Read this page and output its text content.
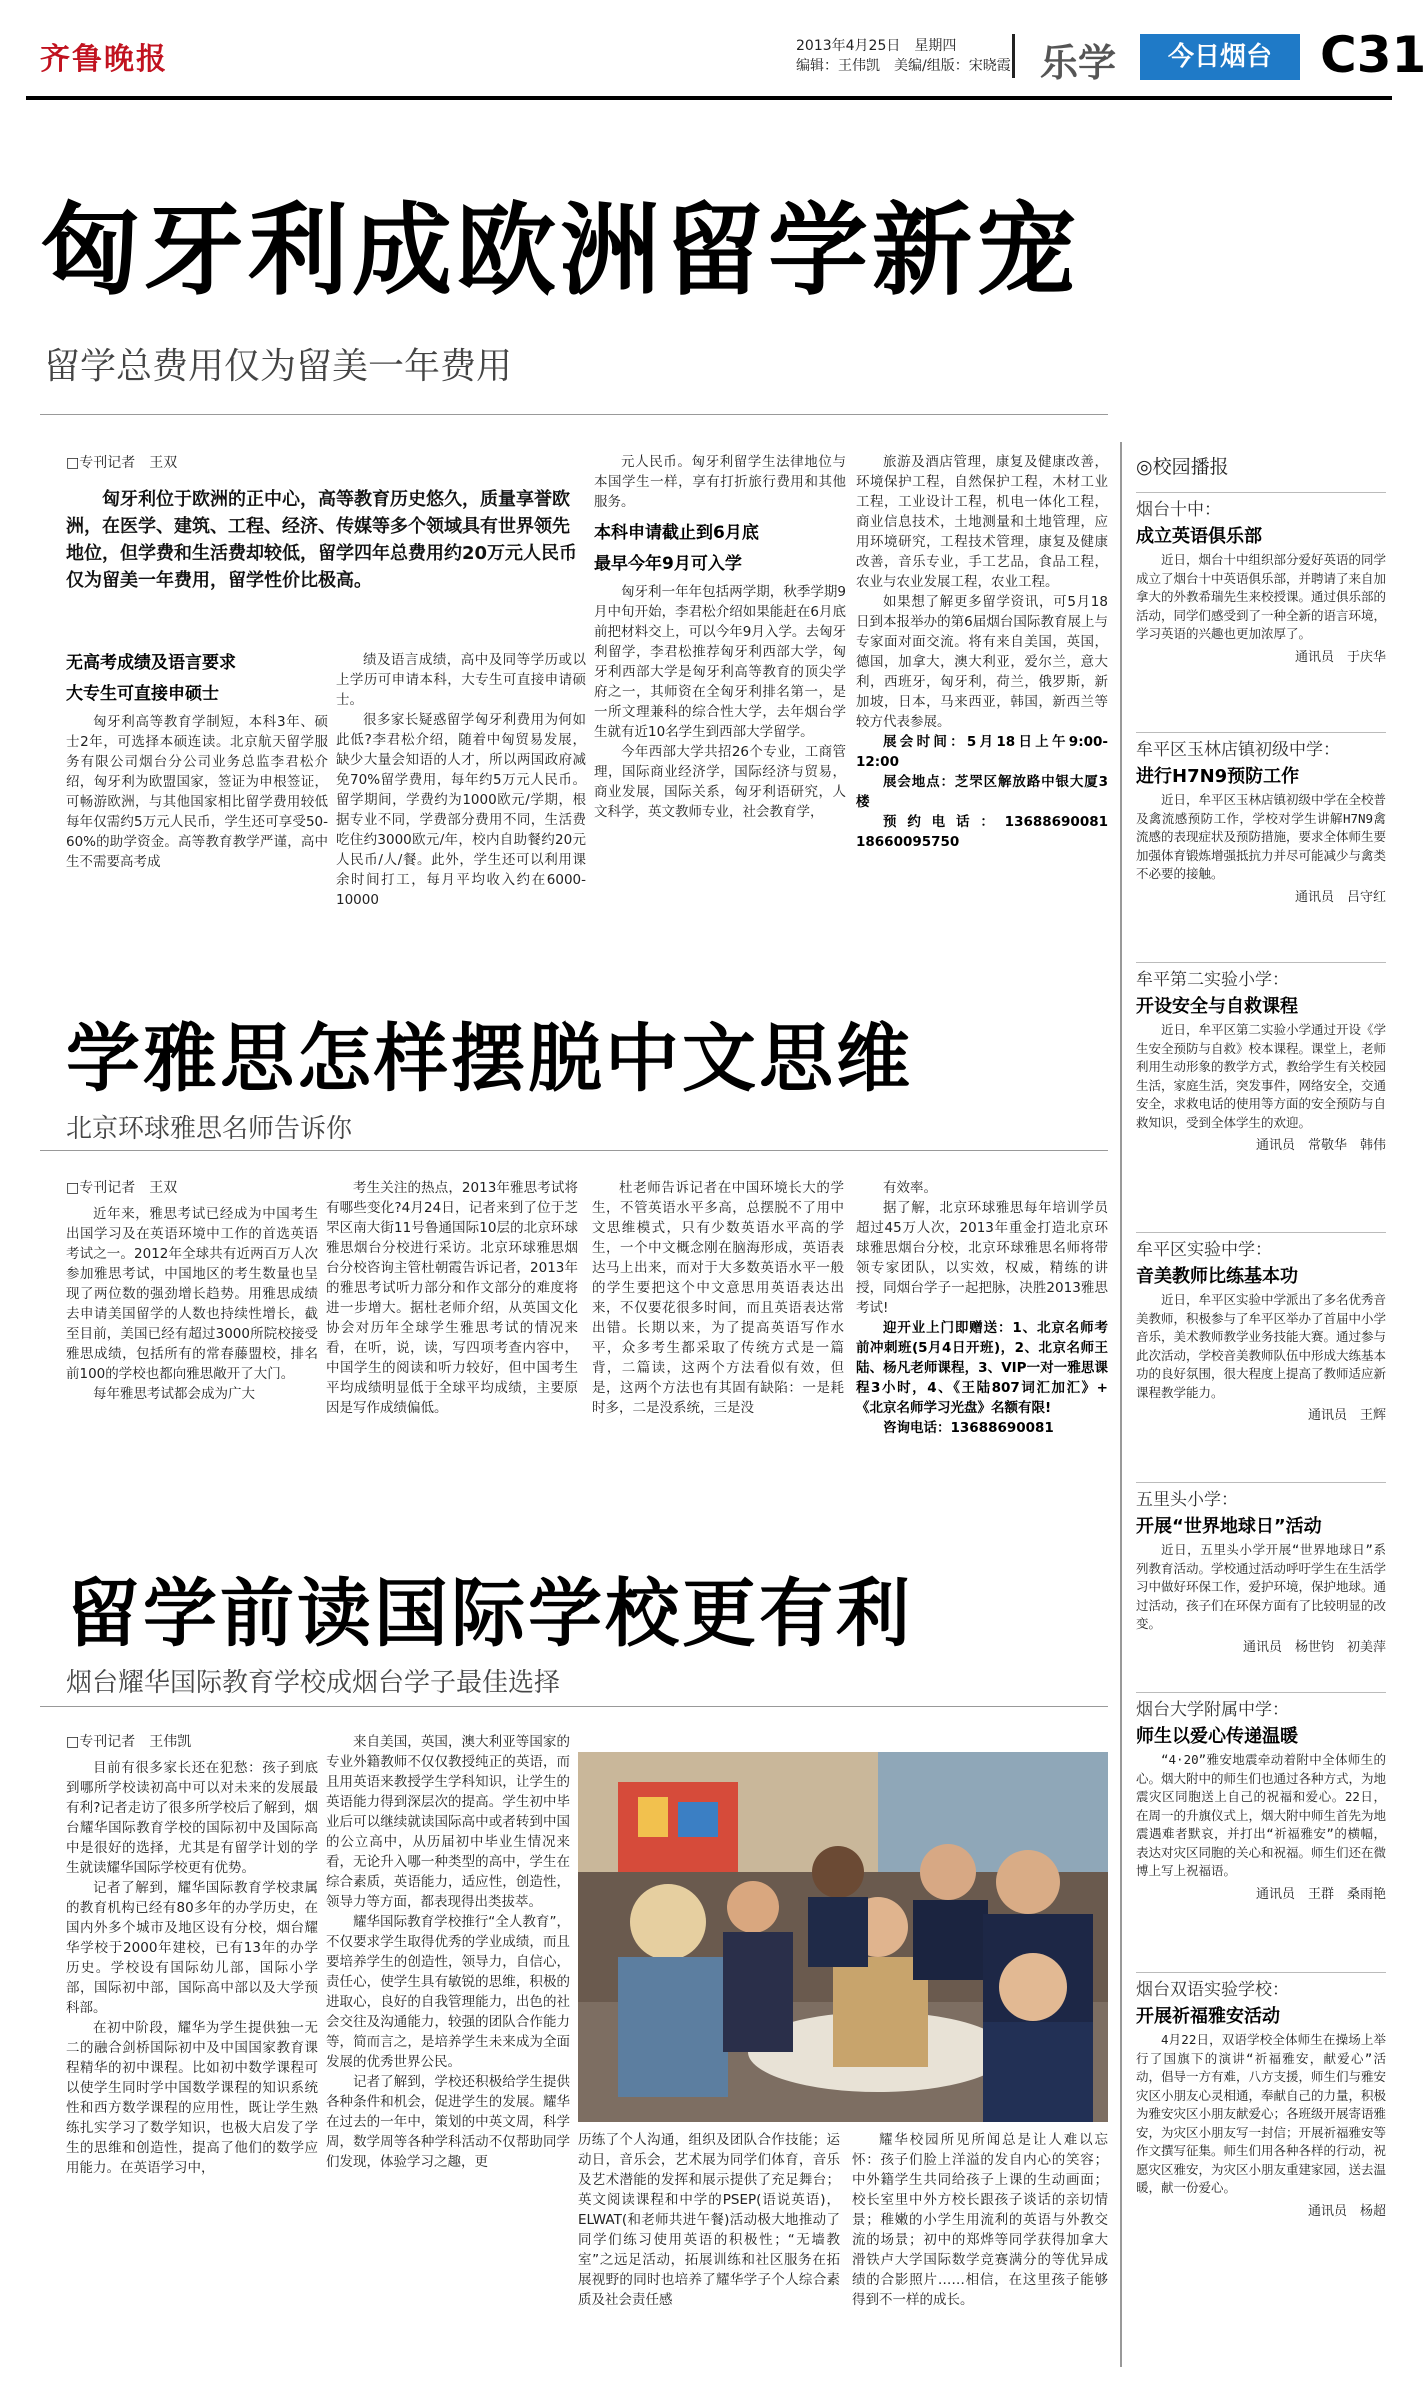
齐鲁晚报	2013年4月25日　星期四
编辑：王伟凯　美编/组版：宋晓霞 乐学	今日烟台 C31
匈牙利成欧洲留学新宠
留学总费用仅为留美一年费用
□专刊记者　王双

匈牙利位于欧洲的正中心，高等教育历史悠久，质量享誉欧洲，在医学、建筑、工程、经济、传媒等多个领域具有世界领先地位，但学费和生活费却较低，留学四年总费用约20万元人民币仅为留美一年费用，留学性价比极高。

无高考成绩及语言要求
大专生可直接申硕士

匈牙利高等教育学制短，本科3年、硕士2年，可选择本硕连读。北京航天留学服务有限公司烟台分公司业务总监李君松介绍，匈牙利为欧盟国家，签证为申根签证，可畅游欧洲，与其他国家相比留学费用较低每年仅需约5万元人民币，学生还可享受50-60%的助学资金。高等教育教学严谨，高中生不需要高考成

绩及语言成绩，高中及同等学历或以上学历可申请本科，大专生可直接申请硕士。

很多家长疑惑留学匈牙利费用为何如此低?李君松介绍，随着中匈贸易发展，缺少大量会知语的人才，所以两国政府减免70%留学费用，每年约5万元人民币。留学期间，学费约为1000欧元/学期，根据专业不同，学费部分费用不同，生活费吃住约3000欧元/年，校内自助餐约20元人民币/人/餐。此外，学生还可以利用课余时间打工，每月平均收入约在6000-10000

元人民币。匈牙利留学生法律地位与本国学生一样，享有打折旅行费用和其他服务。

本科申请截止到6月底
最早今年9月可入学

匈牙利一年年包括两学期，秋季学期9月中旬开始，李君松介绍如果能赶在6月底前把材料交上，可以今年9月入学。去匈牙利留学，李君松推荐匈牙利西部大学，匈牙利西部大学是匈牙利高等教育的顶尖学府之一，其师资在全匈牙利排名第一，是一所文理兼科的综合性大学，去年烟台学生就有近10名学生到西部大学留学。

今年西部大学共招26个专业，工商管理，国际商业经济学，国际经济与贸易，商业发展，国际关系，匈牙利语研究，人文科学，英文教师专业，社会教育学，

旅游及酒店管理，康复及健康改善，环境保护工程，自然保护工程，木材工业工程，工业设计工程，机电一体化工程，商业信息技术，土地测量和土地管理，应用环境研究，工程技术管理，康复及健康改善，音乐专业，手工艺品，食品工程，农业与农业发展工程，农业工程。

如果想了解更多留学资讯，可5月18日到本报举办的第6届烟台国际教育展上与专家面对面交流。将有来自美国，英国，德国，加拿大，澳大利亚，爱尔兰，意大利，西班牙，匈牙利，荷兰，俄罗斯，新加坡，日本，马来西亚，韩国，新西兰等较方代表参展。

展会时间：5月18日上午9:00-12:00

展会地点：芝罘区解放路中银大厦3楼

预约电话：13688690081　18660095750

学雅思怎样摆脱中文思维
北京环球雅思名师告诉你
□专刊记者　王双

近年来，雅思考试已经成为中国考生出国学习及在英语环境中工作的首选英语考试之一。2012年全球共有近两百万人次参加雅思考试，中国地区的考生数量也呈现了两位数的强劲增长趋势。用雅思成绩去申请美国留学的人数也持续性增长，截至目前，美国已经有超过3000所院校接受雅思成绩，包括所有的常春藤盟校，排名前100的学校也都向雅思敞开了大门。

每年雅思考试都会成为广大

考生关注的热点，2013年雅思考试将有哪些变化?4月24日，记者来到了位于芝罘区南大街11号鲁通国际10层的北京环球雅思烟台分校进行采访。北京环球雅思烟台分校咨询主管杜朝霞告诉记者，2013年的雅思考试听力部分和作文部分的难度将进一步增大。据杜老师介绍，从英国文化协会对历年全球学生雅思考试的情况来看，在听，说，读，写四项考查内容中，中国学生的阅读和听力较好，但中国考生平均成绩明显低于全球平均成绩，主要原因是写作成绩偏低。

杜老师告诉记者在中国环境长大的学生，不管英语水平多高，总摆脱不了用中文思维模式，只有少数英语水平高的学生，一个中文概念刚在脑海形成，英语表达马上出来，而对于大多数英语水平一般的学生要把这个中文意思用英语表达出来，不仅要花很多时间，而且英语表达常出错。长期以来，为了提高英语写作水平，众多考生都采取了传统方式是一篇背，二篇读，这两个方法看似有效，但是，这两个方法也有其固有缺陷：一是耗时多，二是没系统，三是没

有效率。

据了解，北京环球雅思每年培训学员超过45万人次，2013年重金打造北京环球雅思烟台分校，北京环球雅思名师将带领专家团队，以实效，权威，精练的讲授，同烟台学子一起把脉，决胜2013雅思考试!

迎开业上门即赠送：1、北京名师考前冲刺班(5月4日开班)，2、北京名师王陆、杨凡老师课程，3、VIP一对一雅思课程3小时，4、《王陆807词汇加汇》+《北京名师学习光盘》名额有限!

咨询电话：13688690081

留学前读国际学校更有利
烟台耀华国际教育学校成烟台学子最佳选择
□专刊记者　王伟凯

目前有很多家长还在犯愁：孩子到底到哪所学校读初高中可以对未来的发展最有利?记者走访了很多所学校后了解到，烟台耀华国际教育学校的国际初中及国际高中是很好的选择，尤其是有留学计划的学生就读耀华国际学校更有优势。

记者了解到，耀华国际教育学校隶属的教育机构已经有80多年的办学历史，在国内外多个城市及地区设有分校，烟台耀华学校于2000年建校，已有13年的办学历史。学校设有国际幼儿部，国际小学部，国际初中部，国际高中部以及大学预科部。

在初中阶段，耀华为学生提供独一无二的融合剑桥国际初中及中国国家教育课程精华的初中课程。比如初中数学课程可以使学生同时学中国数学课程的知识系统性和西方数学课程的应用性，既让学生熟练扎实学习了数学知识，也极大启发了学生的思维和创造性，提高了他们的数学应用能力。在英语学习中，

来自美国，英国，澳大利亚等国家的专业外籍教师不仅仅教授纯正的英语，而且用英语来教授学生学科知识，让学生的英语能力得到深层次的提高。学生初中毕业后可以继续就读国际高中或者转到中国的公立高中，从历届初中毕业生情况来看，无论升入哪一种类型的高中，学生在综合素质，英语能力，适应性，创造性，领导力等方面，都表现得出类拔萃。

耀华国际教育学校推行“全人教育”，不仅要求学生取得优秀的学业成绩，而且要培养学生的创造性，领导力，自信心，责任心，使学生具有敏锐的思维，积极的进取心，良好的自我管理能力，出色的社会交往及沟通能力，较强的团队合作能力等，简而言之，是培养学生未来成为全面发展的优秀世界公民。

记者了解到，学校还积极给学生提供各种条件和机会，促进学生的发展。耀华在过去的一年中，策划的中英文周，科学周，数学周等各种学科活动不仅帮助同学们发现，体验学习之趣，更

历练了个人沟通，组织及团队合作技能；运动日，音乐会，艺术展为同学们体育，音乐及艺术潜能的发挥和展示提供了充足舞台；英文阅读课程和中学的PSEP(语说英语)，ELWAT(和老师共进午餐)活动极大地推动了同学们练习使用英语的积极性；“无墙教室”之远足活动，拓展训练和社区服务在拓展视野的同时也培养了耀华学子个人综合素质及社会责任感

耀华校园所见所闻总是让人难以忘怀：孩子们脸上洋溢的发自内心的笑容；中外籍学生共同给孩子上课的生动画面；校长室里中外方校长跟孩子谈话的亲切情景；稚嫩的小学生用流利的英语与外教交流的场景；初中的郑烨等同学获得加拿大滑铁卢大学国际数学竞赛满分的等优异成绩的合影照片……相信，在这里孩子能够得到不一样的成长。

◎校园播报
烟台十中：
成立英语俱乐部
近日，烟台十中组织部分爱好英语的同学成立了烟台十中英语俱乐部，并聘请了来自加拿大的外教希瑞先生来校授课。通过俱乐部的活动，同学们感受到了一种全新的语言环境，学习英语的兴趣也更加浓厚了。
通讯员　于庆华
牟平区玉林店镇初级中学：
进行H7N9预防工作
近日，牟平区玉林店镇初级中学在全校普及禽流感预防工作，学校对学生讲解H7N9禽流感的表现症状及预防措施，要求全体师生要加强体育锻炼增强抵抗力并尽可能减少与禽类不必要的接触。
通讯员　吕守红
牟平第二实验小学：
开设安全与自救课程
近日，牟平区第二实验小学通过开设《学生安全预防与自救》校本课程。课堂上，老师利用生动形象的教学方式，教给学生有关校园生活，家庭生活，突发事件，网络安全，交通安全，求救电话的使用等方面的安全预防与自救知识，受到全体学生的欢迎。
通讯员　常敬华　韩伟
牟平区实验中学：
音美教师比练基本功
近日，牟平区实验中学派出了多名优秀音美教师，积极参与了牟平区举办了首届中小学音乐，美术教师教学业务技能大赛。通过参与此次活动，学校音美教师队伍中形成大练基本功的良好氛围，很大程度上提高了教师适应新课程教学能力。
通讯员　王辉
五里头小学：
开展“世界地球日”活动
近日，五里头小学开展“世界地球日”系列教育活动。学校通过活动呼吁学生在生活学习中做好环保工作，爱护环境，保护地球。通过活动，孩子们在环保方面有了比较明显的改变。
通讯员　杨世钧　初美萍
烟台大学附属中学：
师生以爱心传递温暖
“4·20”雅安地震牵动着附中全体师生的心。烟大附中的师生们也通过各种方式，为地震灾区同胞送上自己的祝福和爱心。22日，在周一的升旗仪式上，烟大附中师生首先为地震遇难者默哀，并打出“祈福雅安”的横幅，表达对灾区同胞的关心和祝福。师生们还在微博上写上祝福语。
通讯员　王群　桑雨艳
烟台双语实验学校：
开展祈福雅安活动
4月22日，双语学校全体师生在操场上举行了国旗下的演讲“祈福雅安，献爱心”活动，倡导一方有难，八方支援，师生们与雅安灾区小朋友心灵相通，奉献自己的力量，积极为雅安灾区小朋友献爱心；各班级开展寄语雅安，为灾区小朋友写一封信；开展祈福雅安等作文撰写征集。师生们用各种各样的行动，祝愿灾区雅安，为灾区小朋友重建家园，送去温暖，献一份爱心。
通讯员　杨超
